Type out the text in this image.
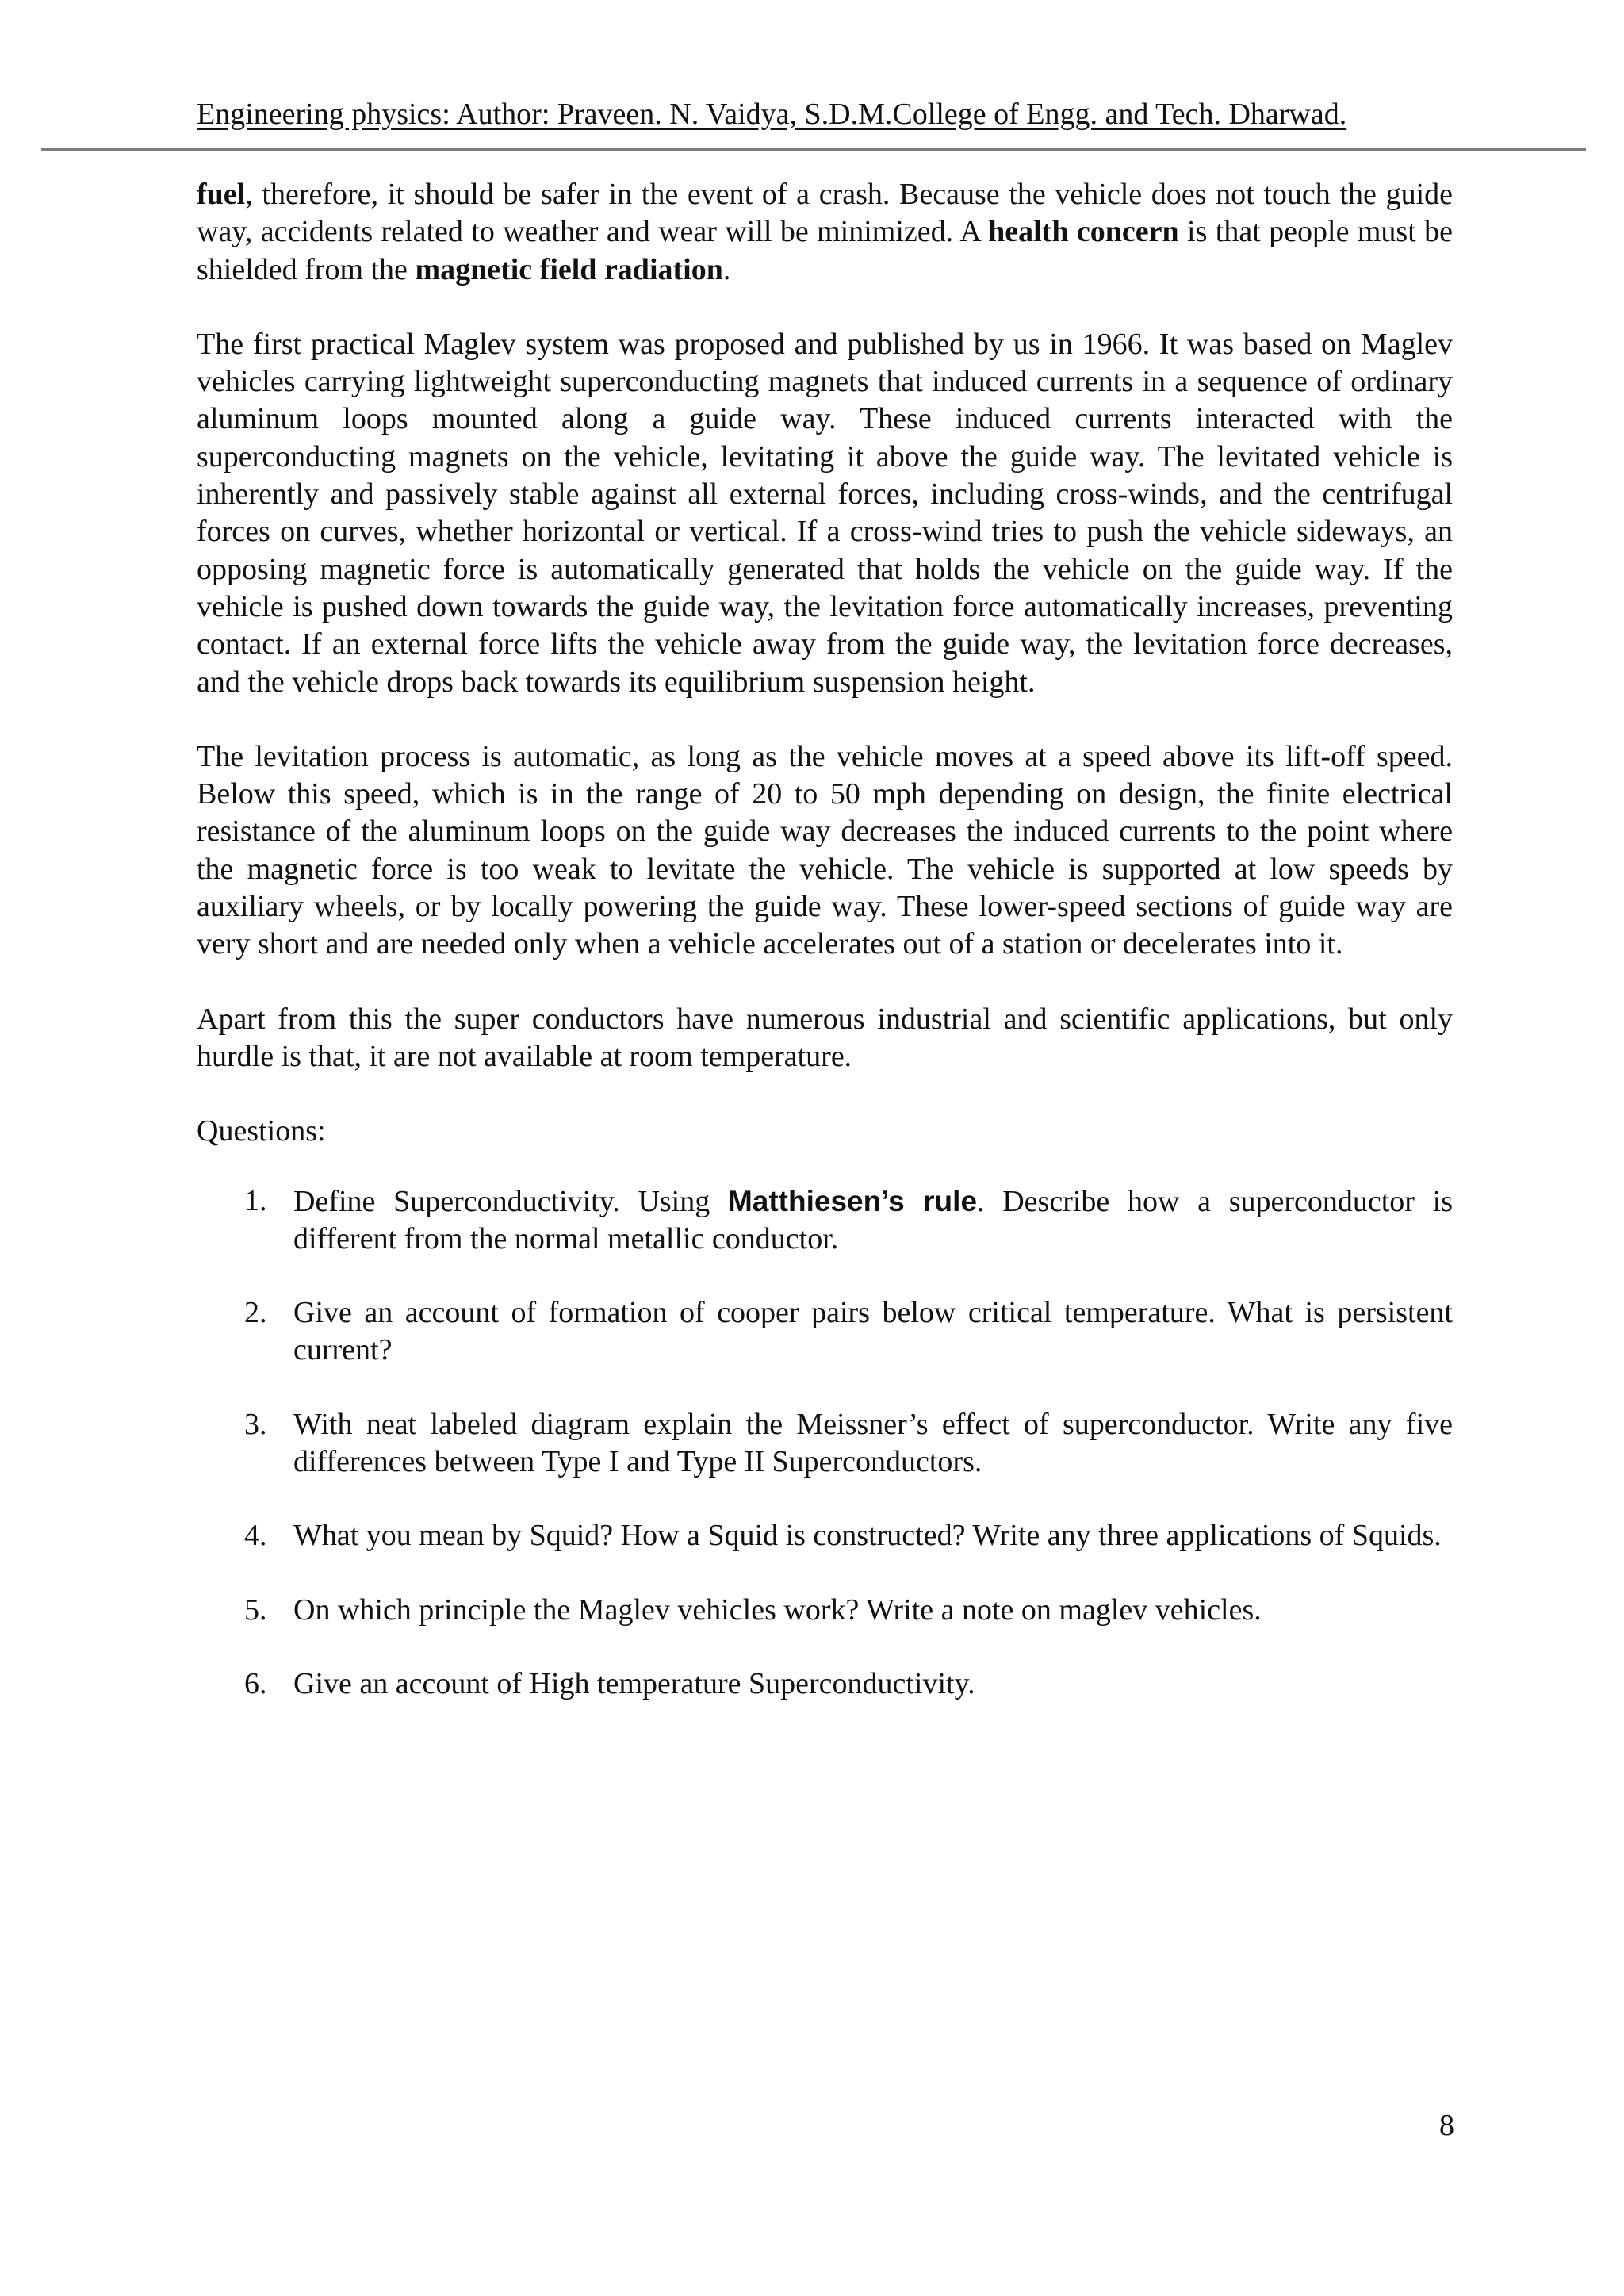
Engineering physics: Author: Praveen. N. Vaidya, S.D.M.College of Engg. and Tech. Dharwad.

fuel, therefore, it should be safer in the event of a crash. Because the vehicle does not touch the guide way, accidents related to weather and wear will be minimized. A health concern is that people must be shielded from the magnetic field radiation.

The first practical Maglev system was proposed and published by us in 1966. It was based on Maglev vehicles carrying lightweight superconducting magnets that induced currents in a sequence of ordinary aluminum loops mounted along a guide way. These induced currents interacted with the superconducting magnets on the vehicle, levitating it above the guide way. The levitated vehicle is inherently and passively stable against all external forces, including cross-winds, and the centrifugal forces on curves, whether horizontal or vertical. If a cross-wind tries to push the vehicle sideways, an opposing magnetic force is automatically generated that holds the vehicle on the guide way. If the vehicle is pushed down towards the guide way, the levitation force automatically increases, preventing contact. If an external force lifts the vehicle away from the guide way, the levitation force decreases, and the vehicle drops back towards its equilibrium suspension height.

The levitation process is automatic, as long as the vehicle moves at a speed above its lift-off speed. Below this speed, which is in the range of 20 to 50 mph depending on design, the finite electrical resistance of the aluminum loops on the guide way decreases the induced currents to the point where the magnetic force is too weak to levitate the vehicle. The vehicle is supported at low speeds by auxiliary wheels, or by locally powering the guide way. These lower-speed sections of guide way are very short and are needed only when a vehicle accelerates out of a station or decelerates into it.

Apart from this the super conductors have numerous industrial and scientific applications, but only hurdle is that, it are not available at room temperature.

Questions:
1. Define Superconductivity. Using Matthiesen’s rule. Describe how a superconductor is different from the normal metallic conductor.
2. Give an account of formation of cooper pairs below critical temperature. What is persistent current?
3. With neat labeled diagram explain the Meissner’s effect of superconductor. Write any five differences between Type I and Type II Superconductors.
4. What you mean by Squid? How a Squid is constructed? Write any three applications of Squids.
5. On which principle the Maglev vehicles work? Write a note on maglev vehicles.
6. Give an account of High temperature Superconductivity.
8
